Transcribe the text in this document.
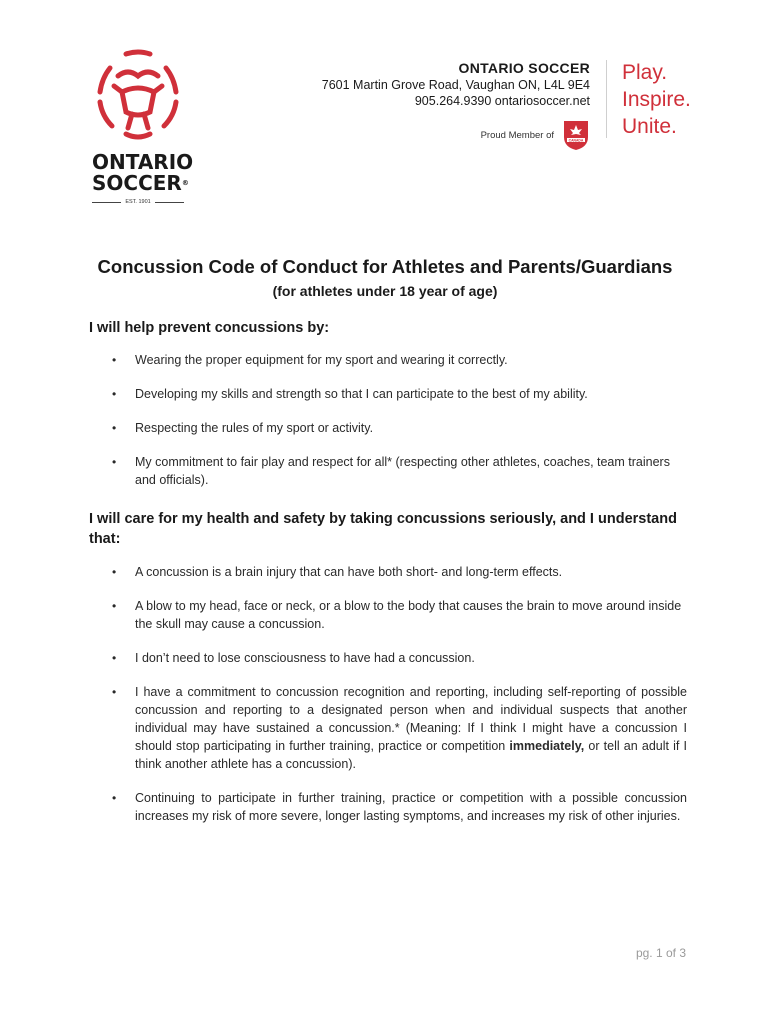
ONTARIO
SOCCER®
EST. 1901
ONTARIO SOCCER
7601 Martin Grove Road, Vaughan ON, L4L 9E4
905.264.9390 ontariosoccer.net
Proud Member of	CANADA
Play.
Inspire.
Unite.
Concussion Code of Conduct for Athletes and Parents/Guardians
(for athletes under 18 year of age)
I will help prevent concussions by:
• Wearing the proper equipment for my sport and wearing it correctly.
• Developing my skills and strength so that I can participate to the best of my ability.
• Respecting the rules of my sport or activity.
• My commitment to fair play and respect for all* (respecting other athletes, coaches, team trainers and officials).
I will care for my health and safety by taking concussions seriously, and I understand that:
• A concussion is a brain injury that can have both short- and long-term effects.
• A blow to my head, face or neck, or a blow to the body that causes the brain to move around inside the skull may cause a concussion.
• I don’t need to lose consciousness to have had a concussion.
• I have a commitment to concussion recognition and reporting, including self-reporting of possible concussion and reporting to a designated person when and individual suspects that another individual may have sustained a concussion.* (Meaning: If I think I might have a concussion I should stop participating in further training, practice or competition immediately, or tell an adult if I think another athlete has a concussion).
• Continuing to participate in further training, practice or competition with a possible concussion increases my risk of more severe, longer lasting symptoms, and increases my risk of other injuries.
pg. 1 of 3
